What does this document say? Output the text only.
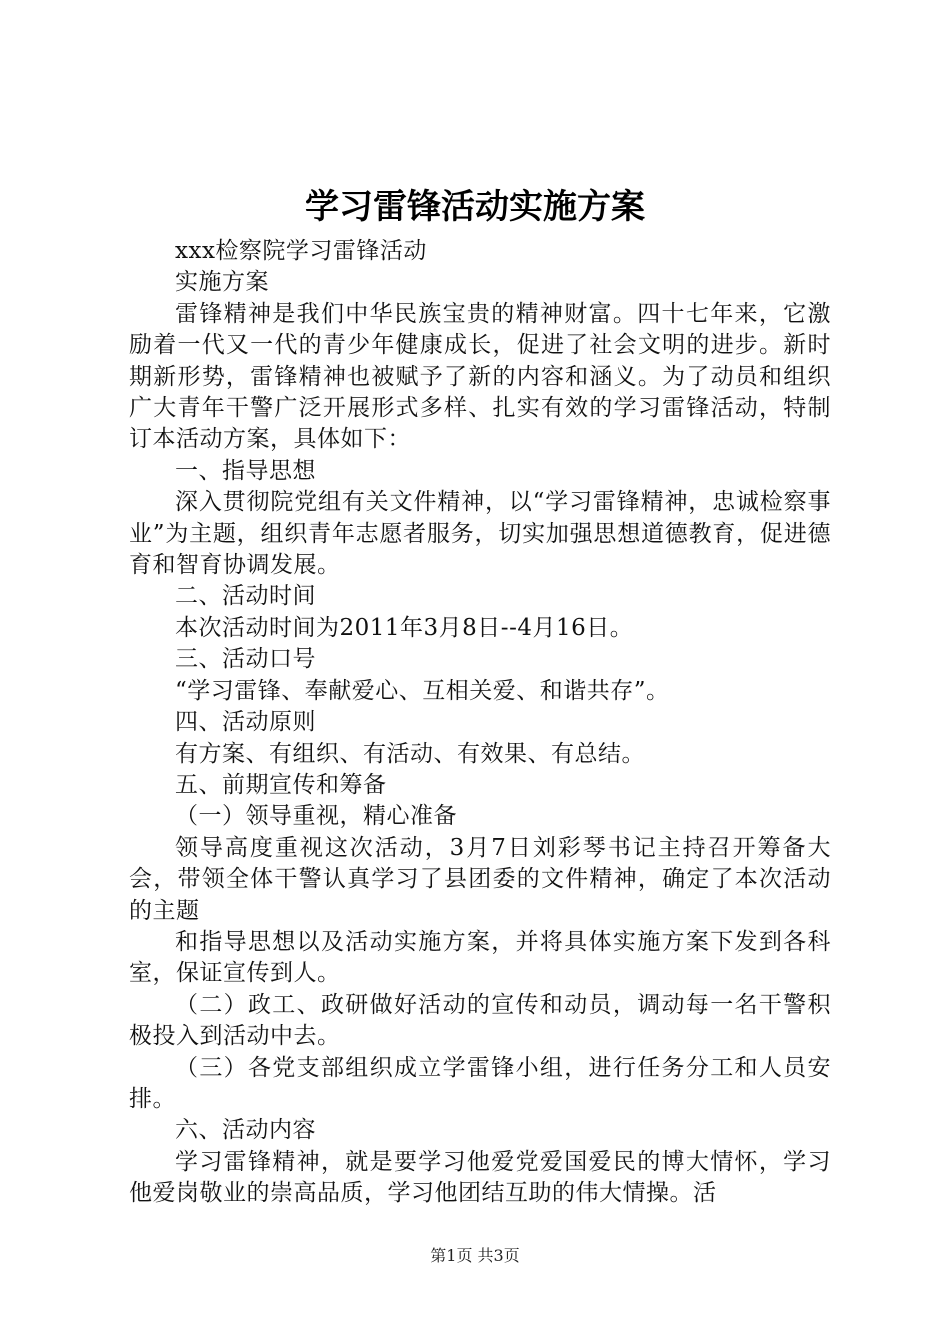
学习雷锋活动实施方案

xxx检察院学习雷锋活动

实施方案

雷锋精神是我们中华民族宝贵的精神财富。四十七年来，它激励着一代又一代的青少年健康成长，促进了社会文明的进步。新时期新形势，雷锋精神也被赋予了新的内容和涵义。为了动员和组织广大青年干警广泛开展形式多样、扎实有效的学习雷锋活动，特制订本活动方案，具体如下：

一、指导思想

深入贯彻院党组有关文件精神，以“学习雷锋精神，忠诚检察事业”为主题，组织青年志愿者服务，切实加强思想道德教育，促进德育和智育协调发展。

二、活动时间

本次活动时间为2011年3月8日--4月16日。

三、活动口号

“学习雷锋、奉献爱心、互相关爱、和谐共存”。

四、活动原则

有方案、有组织、有活动、有效果、有总结。

五、前期宣传和筹备

（一）领导重视，精心准备

领导高度重视这次活动，3月7日刘彩琴书记主持召开筹备大会，带领全体干警认真学习了县团委的文件精神，确定了本次活动的主题

和指导思想以及活动实施方案，并将具体实施方案下发到各科室，保证宣传到人。

（二）政工、政研做好活动的宣传和动员，调动每一名干警积极投入到活动中去。

（三）各党支部组织成立学雷锋小组，进行任务分工和人员安排。

六、活动内容

学习雷锋精神，就是要学习他爱党爱国爱民的博大情怀，学习他爱岗敬业的崇高品质，学习他团结互助的伟大情操。活

第1页 共3页
